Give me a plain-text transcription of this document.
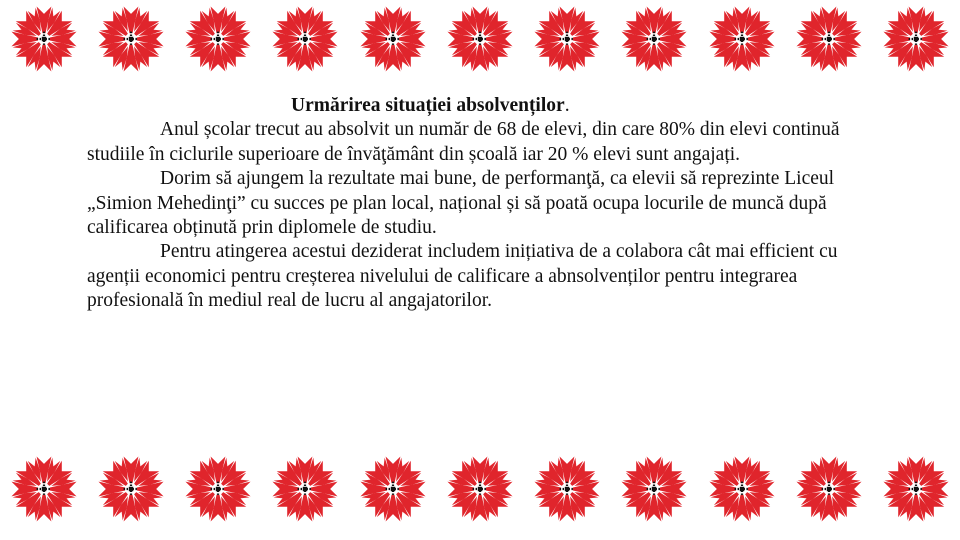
Urmărirea situației absolvenților.

Anul școlar trecut au absolvit un număr de 68 de elevi, din care 80% din elevi continuă studiile în ciclurile superioare de învăţământ din școală iar 20 % elevi sunt angajați.

Dorim să ajungem la rezultate mai bune, de performanţă, ca elevii să reprezinte Liceul „Simion Mehedinţi” cu succes pe plan local, național și să poată ocupa locurile de muncă după calificarea obținută prin diplomele de studiu.

Pentru atingerea acestui deziderat includem inițiativa de a colabora cât mai efficient cu agenții economici pentru creșterea nivelului de calificare a abnsolvenților pentru integrarea profesională în mediul real de lucru al angajatorilor.
